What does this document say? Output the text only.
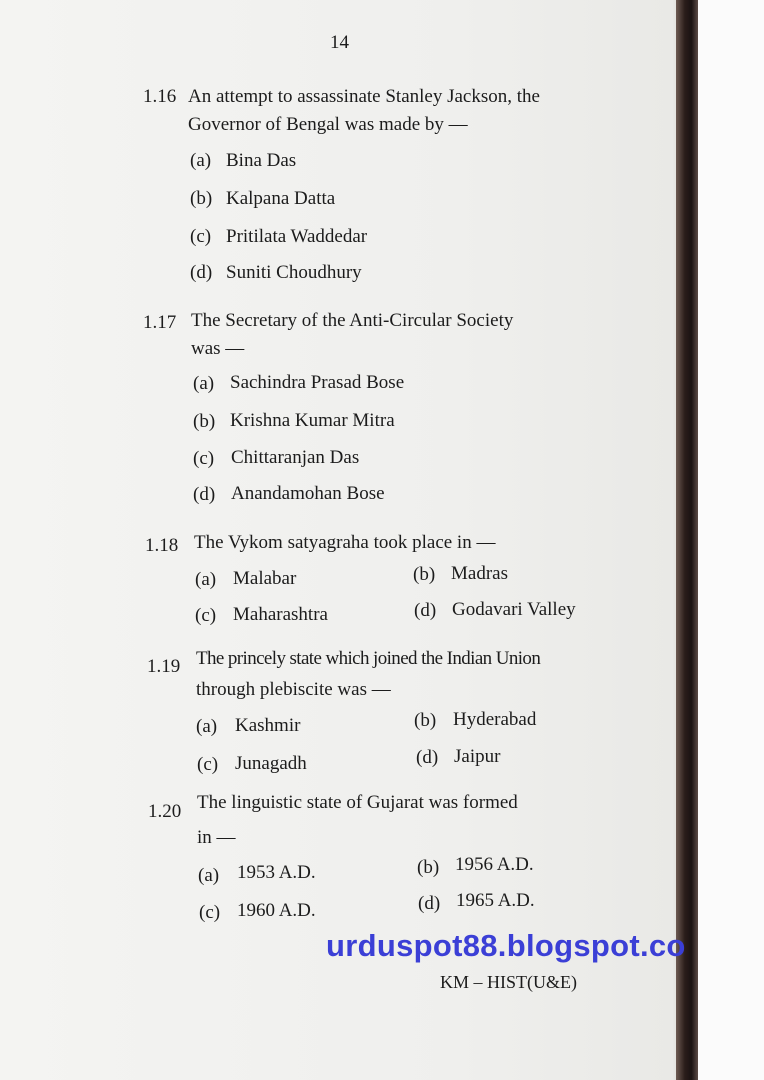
14
1.16 An attempt to assassinate Stanley Jackson, the
Governor of Bengal was made by —
(a) Bina Das
(b) Kalpana Datta
(c) Pritilata Waddedar
(d) Suniti Choudhury
1.17 The Secretary of the Anti-Circular Society
was —
(a) Sachindra Prasad Bose
(b) Krishna Kumar Mitra
(c) Chittaranjan Das
(d) Anandamohan Bose
1.18 The Vykom satyagraha took place in —
(a) Malabar	(b) Madras
(c) Maharashtra	(d) Godavari Valley
1.19 The princely state which joined the Indian Union
through plebiscite was —
(a) Kashmir	(b) Hyderabad
(c) Junagadh	(d) Jaipur
1.20 The linguistic state of Gujarat was formed
in —
(a) 1953 A.D.	(b) 1956 A.D.
(c) 1960 A.D.	(d) 1965 A.D.
urduspot88.blogspot.co
KM – HIST(U&E)
